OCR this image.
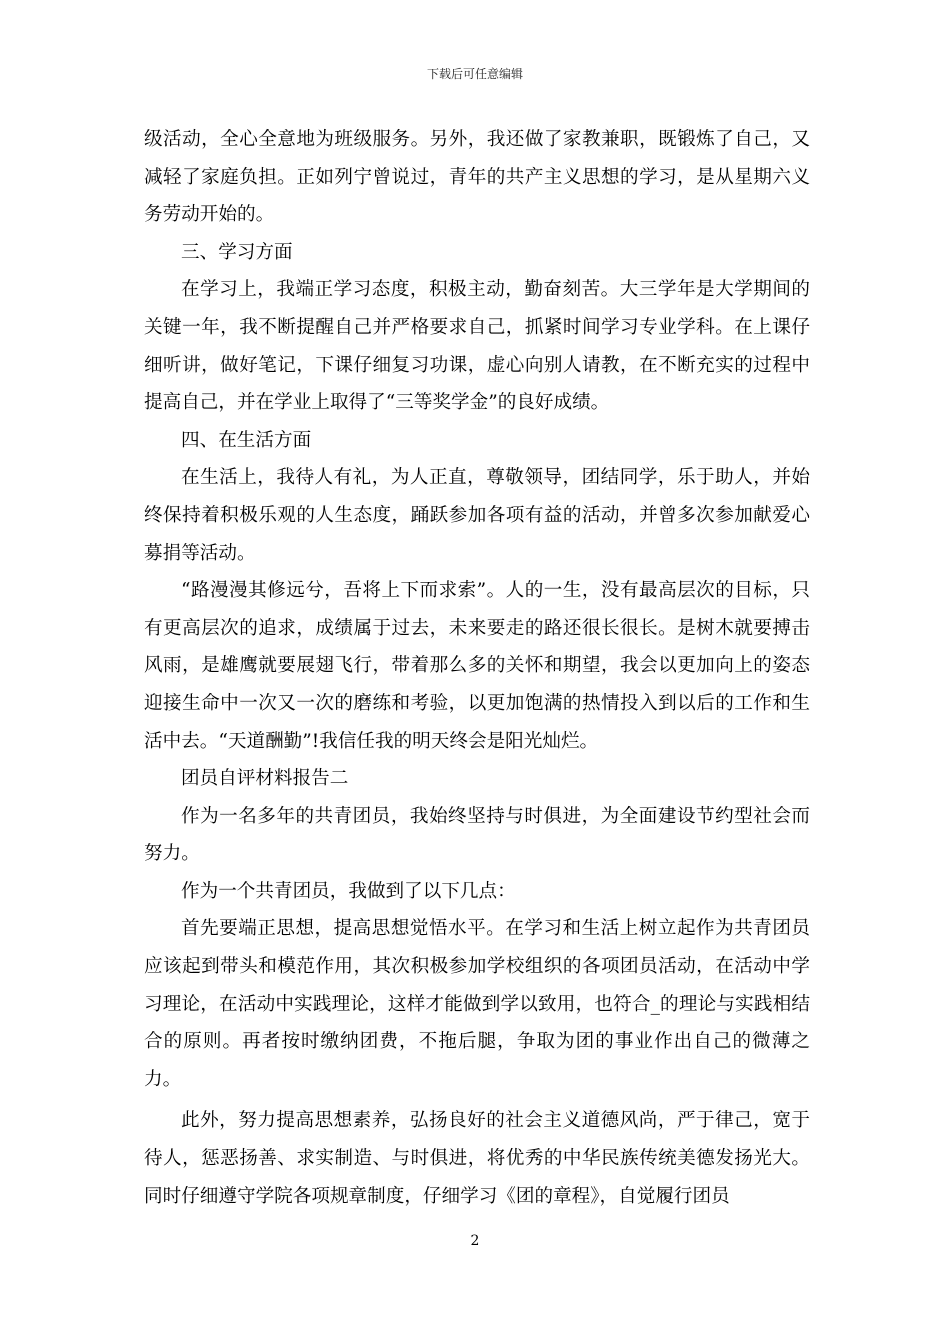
下载后可任意编辑

级活动，全心全意地为班级服务。另外，我还做了家教兼职，既锻炼了自己，又减轻了家庭负担。正如列宁曾说过，青年的共产主义思想的学习，是从星期六义务劳动开始的。

三、学习方面

在学习上，我端正学习态度，积极主动，勤奋刻苦。大三学年是大学期间的关键一年，我不断提醒自己并严格要求自己，抓紧时间学习专业学科。在上课仔细听讲，做好笔记，下课仔细复习功课，虚心向别人请教，在不断充实的过程中提高自己，并在学业上取得了“三等奖学金”的良好成绩。

四、在生活方面

在生活上，我待人有礼，为人正直，尊敬领导，团结同学，乐于助人，并始终保持着积极乐观的人生态度，踊跃参加各项有益的活动，并曾多次参加献爱心募捐等活动。

“路漫漫其修远兮，吾将上下而求索”。人的一生，没有最高层次的目标，只有更高层次的追求，成绩属于过去，未来要走的路还很长很长。是树木就要搏击风雨，是雄鹰就要展翅飞行，带着那么多的关怀和期望，我会以更加向上的姿态迎接生命中一次又一次的磨练和考验，以更加饱满的热情投入到以后的工作和生活中去。“天道酬勤”!我信任我的明天终会是阳光灿烂。

团员自评材料报告二

作为一名多年的共青团员，我始终坚持与时俱进，为全面建设节约型社会而努力。

作为一个共青团员，我做到了以下几点：

首先要端正思想，提高思想觉悟水平。在学习和生活上树立起作为共青团员应该起到带头和模范作用，其次积极参加学校组织的各项团员活动，在活动中学习理论，在活动中实践理论，这样才能做到学以致用，也符合_的理论与实践相结合的原则。再者按时缴纳团费，不拖后腿，争取为团的事业作出自己的微薄之力。

此外，努力提高思想素养，弘扬良好的社会主义道德风尚，严于律己，宽于待人，惩恶扬善、求实制造、与时俱进，将优秀的中华民族传统美德发扬光大。同时仔细遵守学院各项规章制度，仔细学习《团的章程》，自觉履行团员

2
